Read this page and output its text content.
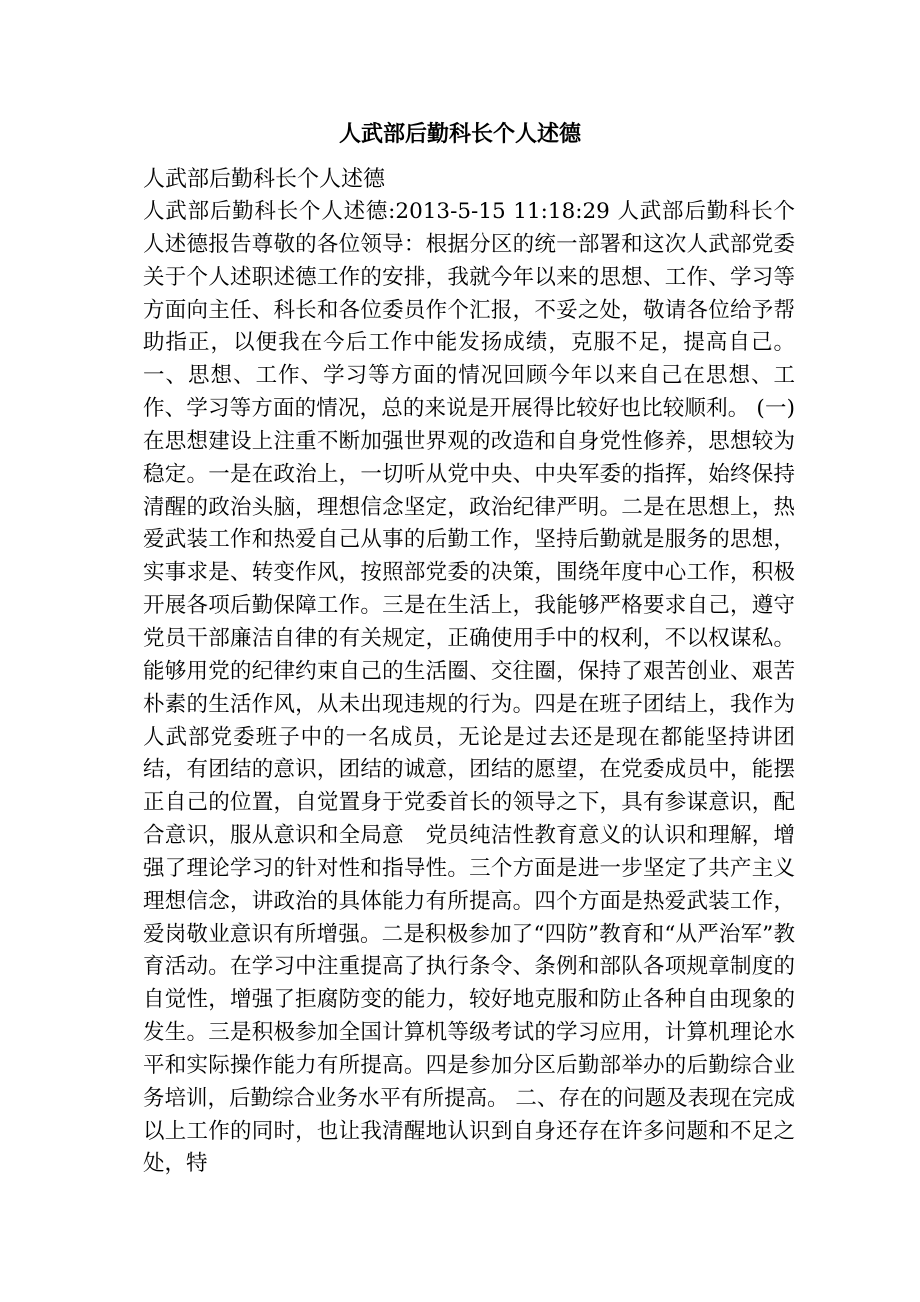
人武部后勤科长个人述德

人武部后勤科长个人述德

人武部后勤科长个人述德:2013-5-15 11:18:29 人武部后勤科长个人述德报告尊敬的各位领导：根据分区的统一部署和这次人武部党委关于个人述职述德工作的安排，我就今年以来的思想、工作、学习等方面向主任、科长和各位委员作个汇报，不妥之处，敬请各位给予帮助指正，以便我在今后工作中能发扬成绩，克服不足，提高自己。一、思想、工作、学习等方面的情况回顾今年以来自己在思想、工作、学习等方面的情况，总的来说是开展得比较好也比较顺利。 (一)在思想建设上注重不断加强世界观的改造和自身党性修养，思想较为稳定。一是在政治上，一切听从党中央、中央军委的指挥，始终保持清醒的政治头脑，理想信念坚定，政治纪律严明。二是在思想上，热爱武装工作和热爱自己从事的后勤工作，坚持后勤就是服务的思想，实事求是、转变作风，按照部党委的决策，围绕年度中心工作，积极开展各项后勤保障工作。三是在生活上，我能够严格要求自己，遵守党员干部廉洁自律的有关规定，正确使用手中的权利，不以权谋私。能够用党的纪律约束自己的生活圈、交往圈，保持了艰苦创业、艰苦朴素的生活作风，从未出现违规的行为。四是在班子团结上，我作为人武部党委班子中的一名成员，无论是过去还是现在都能坚持讲团结，有团结的意识，团结的诚意，团结的愿望，在党委成员中，能摆正自己的位置，自觉置身于党委首长的领导之下，具有参谋意识，配合意识，服从意识和全局意　党员纯洁性教育意义的认识和理解，增强了理论学习的针对性和指导性。三个方面是进一步坚定了共产主义理想信念，讲政治的具体能力有所提高。四个方面是热爱武装工作，爱岗敬业意识有所增强。二是积极参加了“四防”教育和“从严治军”教育活动。在学习中注重提高了执行条令、条例和部队各项规章制度的自觉性，增强了拒腐防变的能力，较好地克服和防止各种自由现象的发生。三是积极参加全国计算机等级考试的学习应用，计算机理论水平和实际操作能力有所提高。四是参加分区后勤部举办的后勤综合业务培训，后勤综合业务水平有所提高。 二、存在的问题及表现在完成以上工作的同时，也让我清醒地认识到自身还存在许多问题和不足之处，特
